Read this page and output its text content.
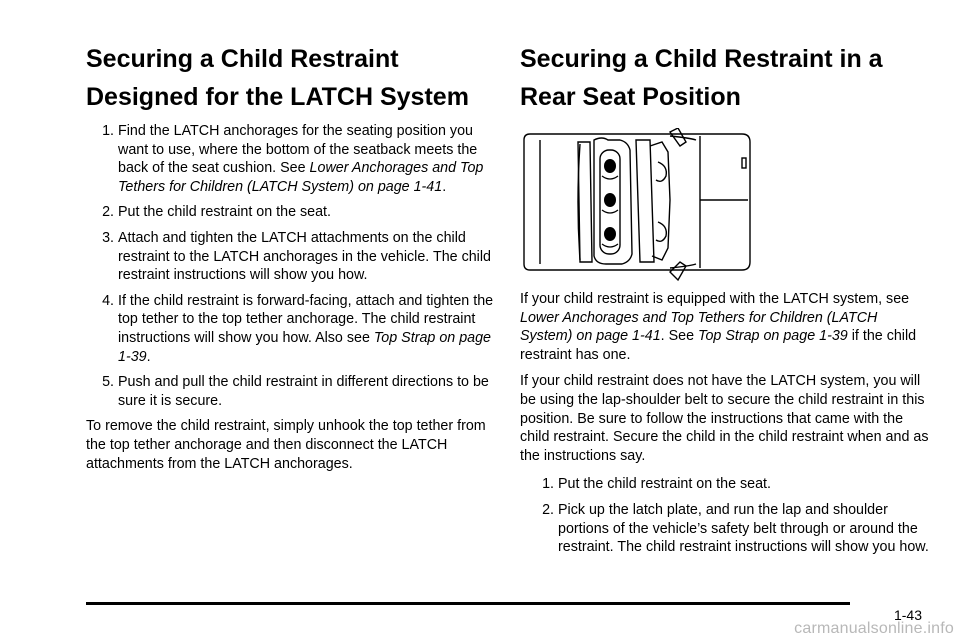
Securing a Child Restraint Designed for the LATCH System
1. Find the LATCH anchorages for the seating position you want to use, where the bottom of the seatback meets the back of the seat cushion. See Lower Anchorages and Top Tethers for Children (LATCH System) on page 1-41.
2. Put the child restraint on the seat.
3. Attach and tighten the LATCH attachments on the child restraint to the LATCH anchorages in the vehicle. The child restraint instructions will show you how.
4. If the child restraint is forward-facing, attach and tighten the top tether to the top tether anchorage. The child restraint instructions will show you how. Also see Top Strap on page 1-39.
5. Push and pull the child restraint in different directions to be sure it is secure.

To remove the child restraint, simply unhook the top tether from the top tether anchorage and then disconnect the LATCH attachments from the LATCH anchorages.

Securing a Child Restraint in a Rear Seat Position

If your child restraint is equipped with the LATCH system, see Lower Anchorages and Top Tethers for Children (LATCH System) on page 1-41. See Top Strap on page 1-39 if the child restraint has one.

If your child restraint does not have the LATCH system, you will be using the lap-shoulder belt to secure the child restraint in this position. Be sure to follow the instructions that came with the child restraint. Secure the child in the child restraint when and as the instructions say.

1. Put the child restraint on the seat.
2. Pick up the latch plate, and run the lap and shoulder portions of the vehicle’s safety belt through or around the restraint. The child restraint instructions will show you how.
1-43
carmanualsonline.info
